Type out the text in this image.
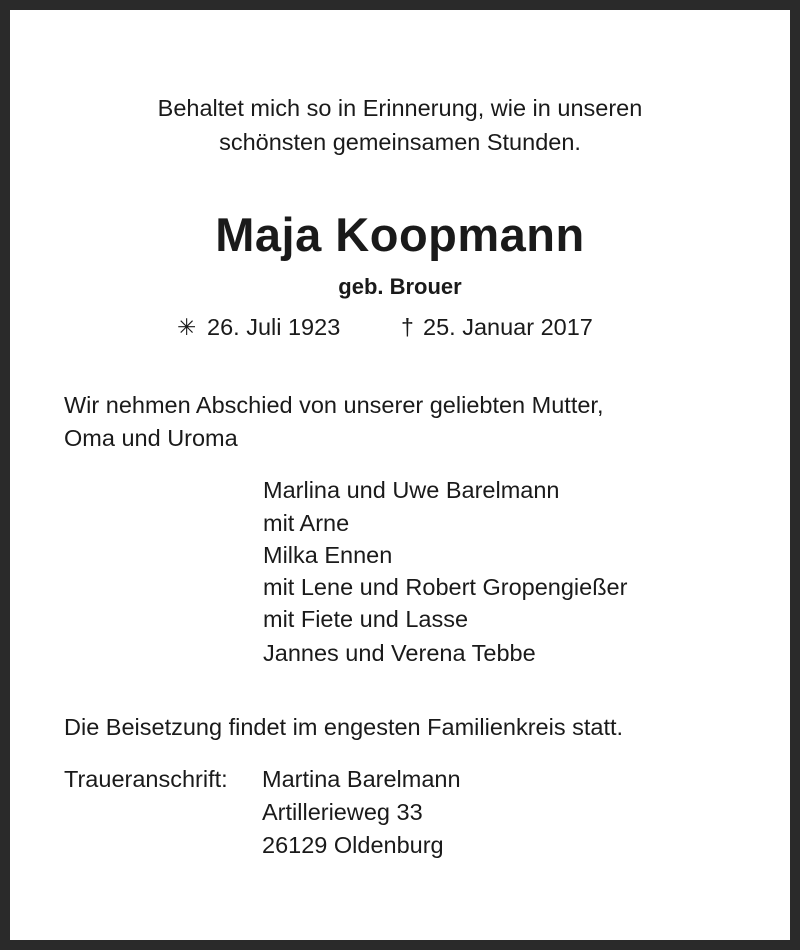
Behaltet mich so in Erinnerung, wie in unseren
schönsten gemeinsamen Stunden.
Maja Koopmann
geb. Brouer
✳ 26. Juli 1923	† 25. Januar 2017
Wir nehmen Abschied von unserer geliebten Mutter,
Oma und Uroma
Marlina und Uwe Barelmann
mit Arne
Milka Ennen
mit Lene und Robert Gropengießer
mit Fiete und Lasse
Jannes und Verena Tebbe
Die Beisetzung findet im engesten Familienkreis statt.
Traueranschrift: Martina Barelmann
Artillerieweg 33
26129 Oldenburg
